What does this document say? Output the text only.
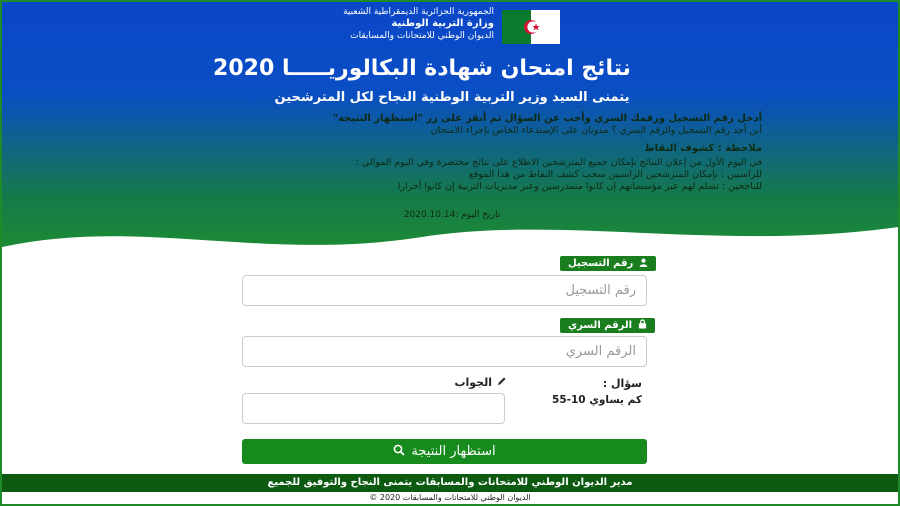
الجمهورية الجزائرية الديمقراطية الشعبية
وزارة التربية الوطنية
الديوان الوطني للامتحانات والمسابقات
نتائج امتحان شهادة البكالوريـــــا 2020
يتمنى السيد وزير التربية الوطنية النجاح لكل المترشحين
أدخل رقم التسجيل ورقمك السري وأجب عن السؤال ثم أنقر على زر "استظهار النتيجة"
أين أجد رقم التسجيل والرقم السري ؟ مدونان على الإستدعاء الخاص بإجراء الامتحان
ملاحظة : كشوف النقاط
في اليوم الأول من إعلان النتائج بإمكان جميع المترشحين الاطلاع على نتائج مختصرة وفي اليوم الموالي :
للراسبين : بإمكان المترشحين الراسبين سحب كشف النقاط من هذا الموقع
للناجحين : تسلم لهم عبر مؤسساتهم إن كانوا متمدرسين وعبر مديريات التربية إن كانوا أحرارا
تاريخ اليوم :2020.10.14
رقم التسجيل
رقم التسجيل
الرقم السري
سؤال :
كم يساوي 10-55
الجواب
استظهار النتيجة
مدير الديوان الوطني للامتحانات والمسابقات يتمنى النجاح والتوفيق للجميع
الديوان الوطني للامتحانات والمسابقات 2020 ©
